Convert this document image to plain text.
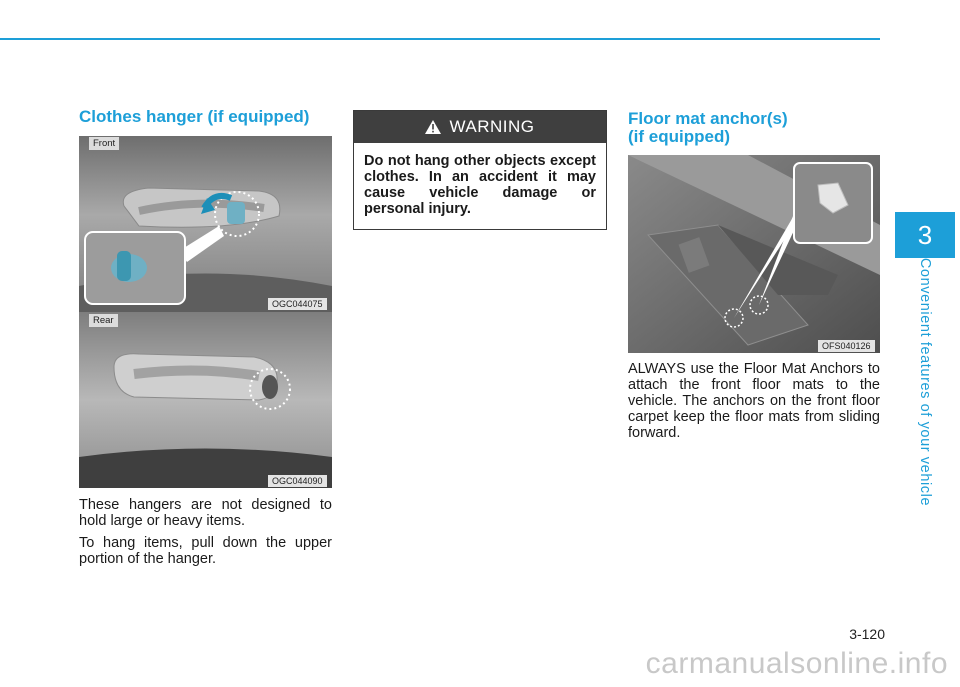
3
Convenient features of your vehicle
Clothes hanger (if equipped)
Front
OGC044075
Rear
OGC044090

These hangers are not designed to hold large or heavy items.

To hang items, pull down the upper portion of the hanger.

WARNING

Do not hang other objects except clothes. In an accident it may cause vehicle damage or personal injury.

Floor mat anchor(s)
(if equipped)
OFS040126

ALWAYS use the Floor Mat Anchors to attach the front floor mats to the vehicle. The anchors on the front floor carpet keep the floor mats from sliding forward.

3-120
carmanualsonline.info
